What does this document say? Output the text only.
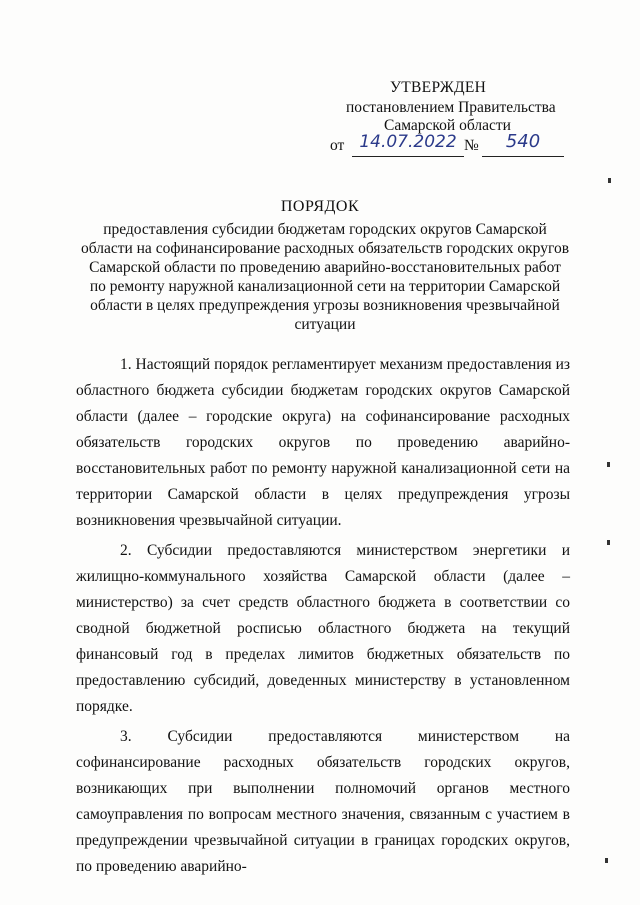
УТВЕРЖДЕН
постановлением Правительства
Самарской области
от 14.07.2022 №	540
ПОРЯДОК
предоставления субсидии бюджетам городских округов Самарской области на софинансирование расходных обязательств городских округов Самарской области по проведению аварийно-восстановительных работ по ремонту наружной канализационной сети на территории Самарской области в целях предупреждения угрозы возникновения чрезвычайной ситуации

1. Настоящий порядок регламентирует механизм предоставления из областного бюджета субсидии бюджетам городских округов Самарской области (далее – городские округа) на софинансирование расходных обязательств городских округов по проведению аварийно-восстановительных работ по ремонту наружной канализационной сети на территории Самарской области в целях предупреждения угрозы возникновения чрезвычайной ситуации.

2. Субсидии предоставляются министерством энергетики и жилищно-коммунального хозяйства Самарской области (далее – министерство) за счет средств областного бюджета в соответствии со сводной бюджетной росписью областного бюджета на текущий финансовый год в пределах лимитов бюджетных обязательств по предоставлению субсидий, доведенных министерству в установленном порядке.

3. Субсидии предоставляются министерством на софинансирование расходных обязательств городских округов, возникающих при выполнении полномочий органов местного самоуправления по вопросам местного значения, связанным с участием в предупреждении чрезвычайной ситуации в границах городских округов, по проведению аварийно-
